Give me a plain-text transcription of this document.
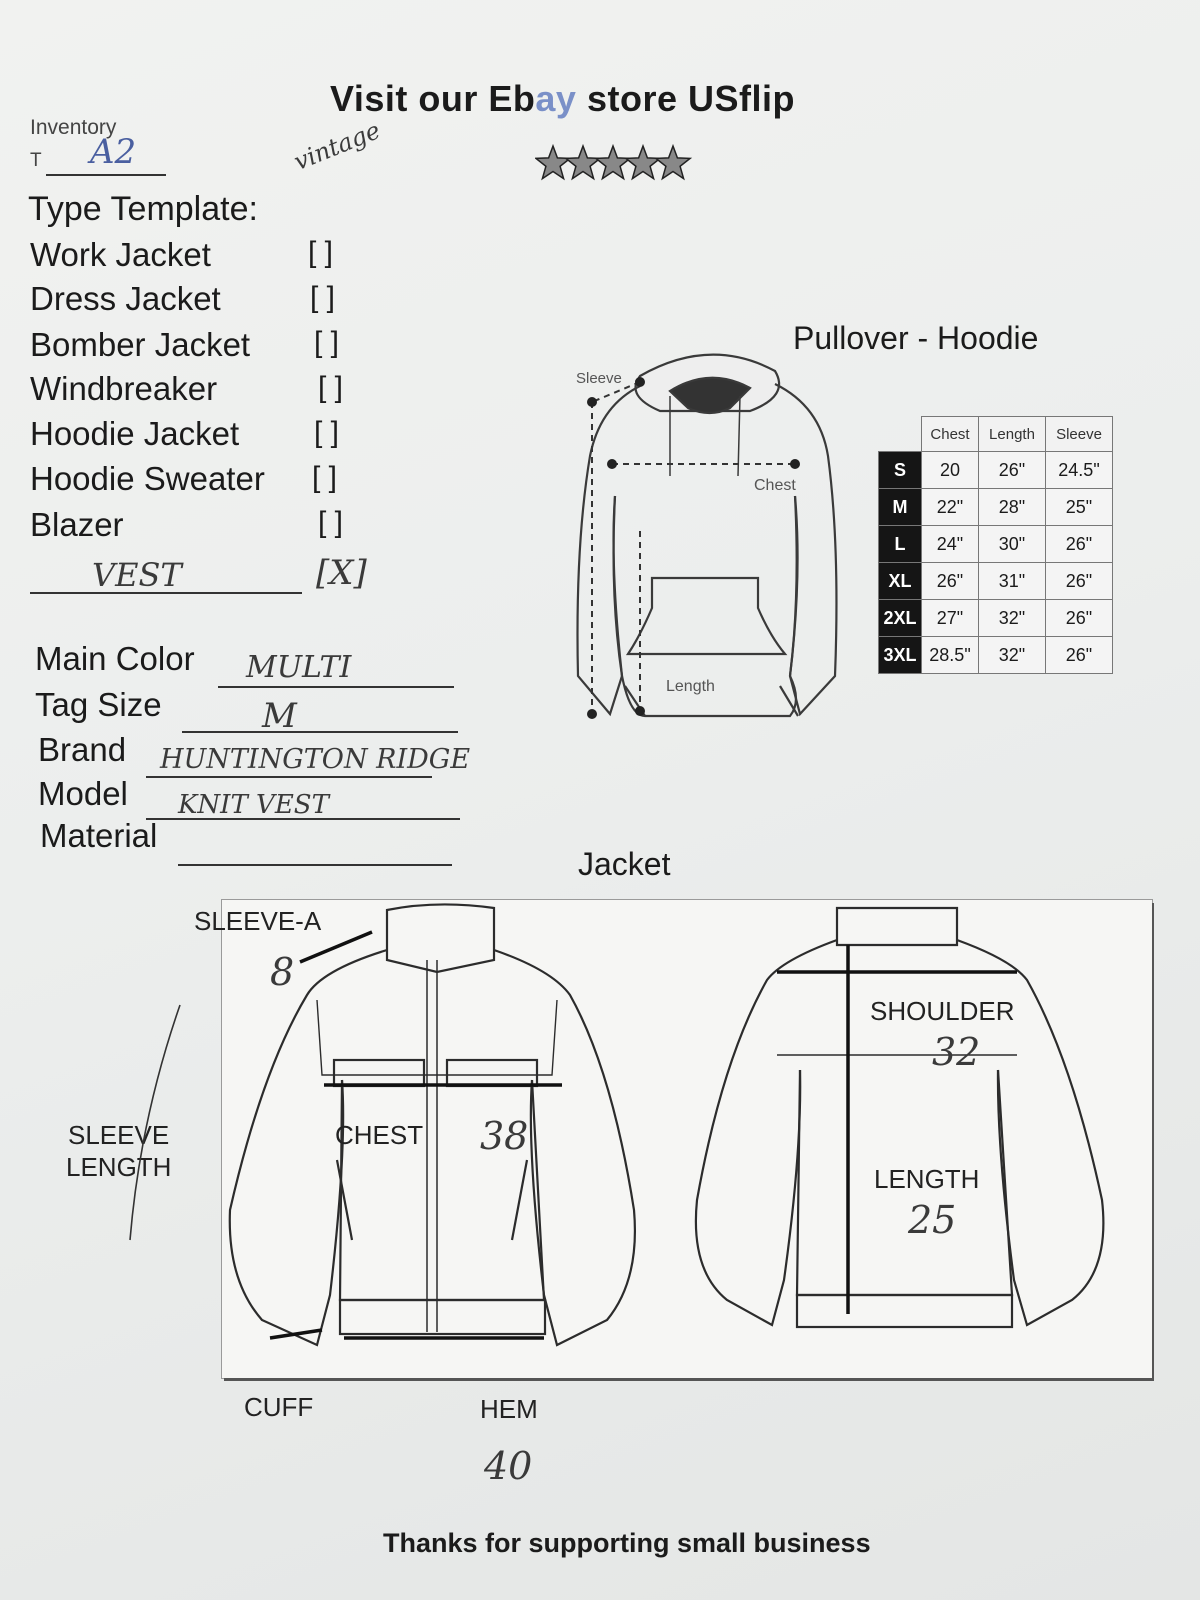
Visit our Ebay store USflip
Inventory
T A2	vintage
Type Template:
Work Jacket	[ ]
Dress Jacket	[ ]
Bomber Jacket [ ]
Windbreaker	[ ]
Hoodie Jacket [ ]
Hoodie Sweater [ ]
Blazer	[ ]
VEST	[X]
Main Color MULTI
Tag Size	M
Brand HUNTINGTON RIDGE
Model KNIT VEST
Material
Pullover - Hoodie
Sleeve
Chest
Length
	Chest	Length	Sleeve
S	20	26"	24.5"
M	22"	28"	25"
L	24"	30"	26"
XL	26"	31"	26"
2XL	27"	32"	26"
3XL	28.5"	32"	26"
Jacket
SLEEVE-A
8
SLEEVE
LENGTH
CHEST 38
SHOULDER
32
LENGTH
25
CUFF	HEM
40
Thanks for supporting small business
